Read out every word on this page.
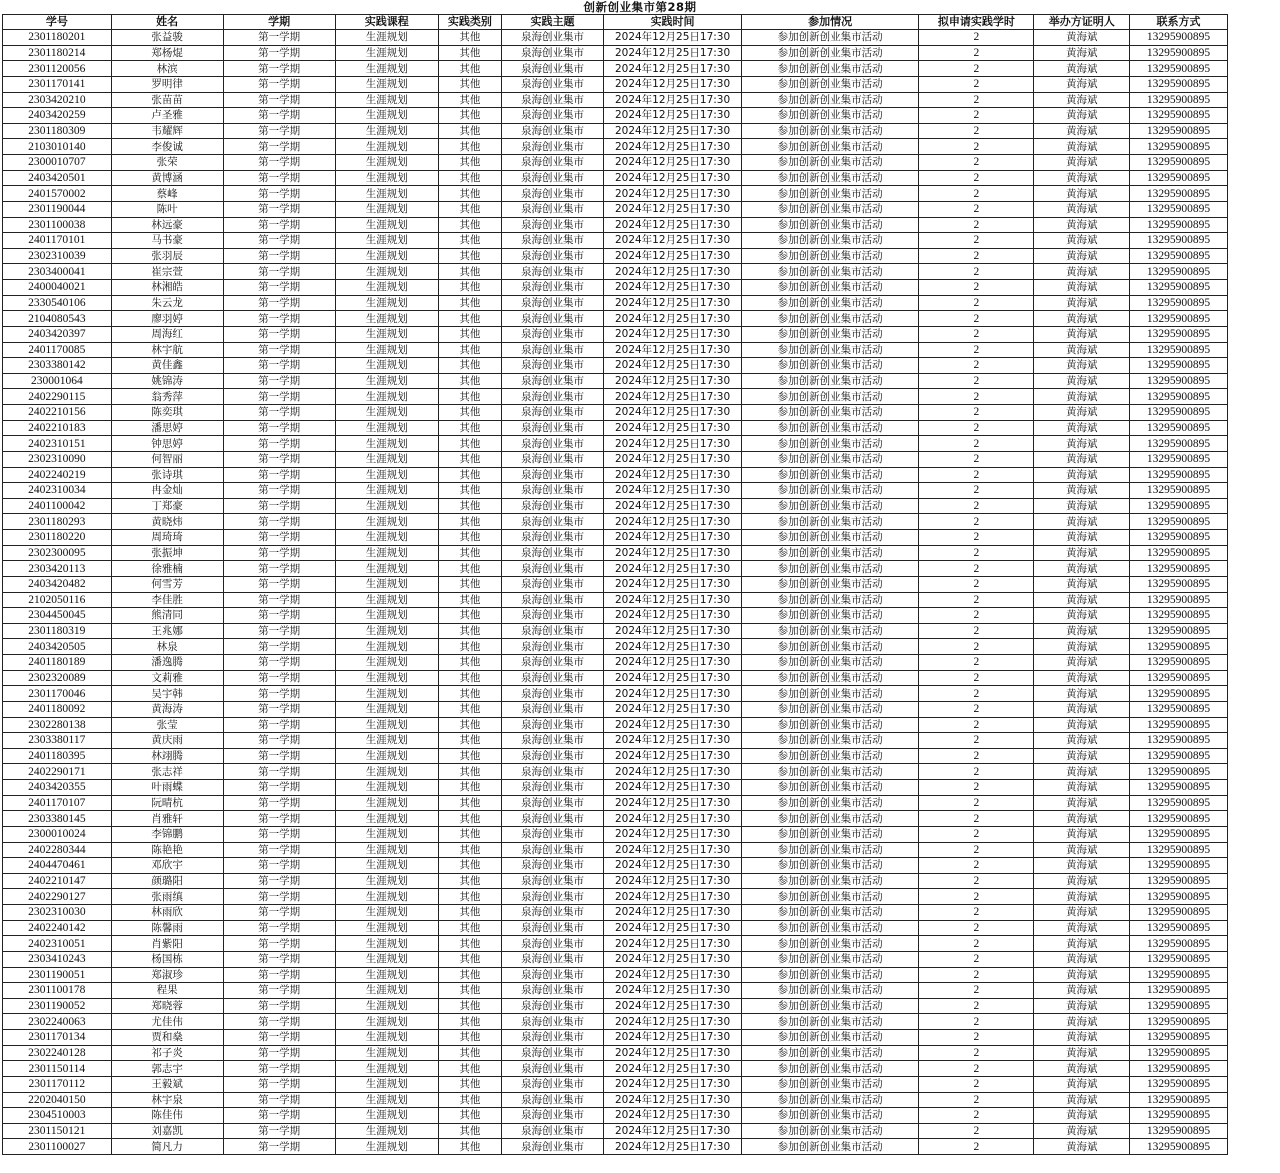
创新创业集市第28期
学号	姓名	学期	实践课程	实践类别	实践主题	实践时间	参加情况	拟申请实践学时	举办方证明人	联系方式
2301180201	张益骏	第一学期	生涯规划	其他	泉海创业集市	2024年12月25日17:30	参加创新创业集市活动	2	黄海斌	13295900895
2301180214	郑杨焜	第一学期	生涯规划	其他	泉海创业集市	2024年12月25日17:30	参加创新创业集市活动	2	黄海斌	13295900895
2301120056	林滨	第一学期	生涯规划	其他	泉海创业集市	2024年12月25日17:30	参加创新创业集市活动	2	黄海斌	13295900895
2301170141	罗明律	第一学期	生涯规划	其他	泉海创业集市	2024年12月25日17:30	参加创新创业集市活动	2	黄海斌	13295900895
2303420210	张苗苗	第一学期	生涯规划	其他	泉海创业集市	2024年12月25日17:30	参加创新创业集市活动	2	黄海斌	13295900895
2403420259	卢圣雅	第一学期	生涯规划	其他	泉海创业集市	2024年12月25日17:30	参加创新创业集市活动	2	黄海斌	13295900895
2301180309	韦耀辉	第一学期	生涯规划	其他	泉海创业集市	2024年12月25日17:30	参加创新创业集市活动	2	黄海斌	13295900895
2103010140	李俊诚	第一学期	生涯规划	其他	泉海创业集市	2024年12月25日17:30	参加创新创业集市活动	2	黄海斌	13295900895
2300010707	张荣	第一学期	生涯规划	其他	泉海创业集市	2024年12月25日17:30	参加创新创业集市活动	2	黄海斌	13295900895
2403420501	黄博涵	第一学期	生涯规划	其他	泉海创业集市	2024年12月25日17:30	参加创新创业集市活动	2	黄海斌	13295900895
2401570002	蔡峰	第一学期	生涯规划	其他	泉海创业集市	2024年12月25日17:30	参加创新创业集市活动	2	黄海斌	13295900895
2301190044	陈叶	第一学期	生涯规划	其他	泉海创业集市	2024年12月25日17:30	参加创新创业集市活动	2	黄海斌	13295900895
2301100038	林远豪	第一学期	生涯规划	其他	泉海创业集市	2024年12月25日17:30	参加创新创业集市活动	2	黄海斌	13295900895
2401170101	马书豪	第一学期	生涯规划	其他	泉海创业集市	2024年12月25日17:30	参加创新创业集市活动	2	黄海斌	13295900895
2302310039	张羽辰	第一学期	生涯规划	其他	泉海创业集市	2024年12月25日17:30	参加创新创业集市活动	2	黄海斌	13295900895
2303400041	崔宗萱	第一学期	生涯规划	其他	泉海创业集市	2024年12月25日17:30	参加创新创业集市活动	2	黄海斌	13295900895
2400040021	林湘皓	第一学期	生涯规划	其他	泉海创业集市	2024年12月25日17:30	参加创新创业集市活动	2	黄海斌	13295900895
2330540106	朱云龙	第一学期	生涯规划	其他	泉海创业集市	2024年12月25日17:30	参加创新创业集市活动	2	黄海斌	13295900895
2104080543	廖羽婷	第一学期	生涯规划	其他	泉海创业集市	2024年12月25日17:30	参加创新创业集市活动	2	黄海斌	13295900895
2403420397	周海红	第一学期	生涯规划	其他	泉海创业集市	2024年12月25日17:30	参加创新创业集市活动	2	黄海斌	13295900895
2401170085	林宇航	第一学期	生涯规划	其他	泉海创业集市	2024年12月25日17:30	参加创新创业集市活动	2	黄海斌	13295900895
2303380142	黄佳鑫	第一学期	生涯规划	其他	泉海创业集市	2024年12月25日17:30	参加创新创业集市活动	2	黄海斌	13295900895
230001064	姚锦涛	第一学期	生涯规划	其他	泉海创业集市	2024年12月25日17:30	参加创新创业集市活动	2	黄海斌	13295900895
2402290115	翁秀萍	第一学期	生涯规划	其他	泉海创业集市	2024年12月25日17:30	参加创新创业集市活动	2	黄海斌	13295900895
2402210156	陈奕琪	第一学期	生涯规划	其他	泉海创业集市	2024年12月25日17:30	参加创新创业集市活动	2	黄海斌	13295900895
2402210183	潘思婷	第一学期	生涯规划	其他	泉海创业集市	2024年12月25日17:30	参加创新创业集市活动	2	黄海斌	13295900895
2402310151	钟思婷	第一学期	生涯规划	其他	泉海创业集市	2024年12月25日17:30	参加创新创业集市活动	2	黄海斌	13295900895
2302310090	何智丽	第一学期	生涯规划	其他	泉海创业集市	2024年12月25日17:30	参加创新创业集市活动	2	黄海斌	13295900895
2402240219	张诗琪	第一学期	生涯规划	其他	泉海创业集市	2024年12月25日17:30	参加创新创业集市活动	2	黄海斌	13295900895
2402310034	冉金灿	第一学期	生涯规划	其他	泉海创业集市	2024年12月25日17:30	参加创新创业集市活动	2	黄海斌	13295900895
2401100042	丁郑豪	第一学期	生涯规划	其他	泉海创业集市	2024年12月25日17:30	参加创新创业集市活动	2	黄海斌	13295900895
2301180293	黄晓炜	第一学期	生涯规划	其他	泉海创业集市	2024年12月25日17:30	参加创新创业集市活动	2	黄海斌	13295900895
2301180220	周琦琦	第一学期	生涯规划	其他	泉海创业集市	2024年12月25日17:30	参加创新创业集市活动	2	黄海斌	13295900895
2302300095	张振坤	第一学期	生涯规划	其他	泉海创业集市	2024年12月25日17:30	参加创新创业集市活动	2	黄海斌	13295900895
2303420113	徐雅楠	第一学期	生涯规划	其他	泉海创业集市	2024年12月25日17:30	参加创新创业集市活动	2	黄海斌	13295900895
2403420482	何雪芳	第一学期	生涯规划	其他	泉海创业集市	2024年12月25日17:30	参加创新创业集市活动	2	黄海斌	13295900895
2102050116	李佳胜	第一学期	生涯规划	其他	泉海创业集市	2024年12月25日17:30	参加创新创业集市活动	2	黄海斌	13295900895
2304450045	熊清同	第一学期	生涯规划	其他	泉海创业集市	2024年12月25日17:30	参加创新创业集市活动	2	黄海斌	13295900895
2301180319	王兆娜	第一学期	生涯规划	其他	泉海创业集市	2024年12月25日17:30	参加创新创业集市活动	2	黄海斌	13295900895
2403420505	林泉	第一学期	生涯规划	其他	泉海创业集市	2024年12月25日17:30	参加创新创业集市活动	2	黄海斌	13295900895
2401180189	潘逸腾	第一学期	生涯规划	其他	泉海创业集市	2024年12月25日17:30	参加创新创业集市活动	2	黄海斌	13295900895
2302320089	文莉雅	第一学期	生涯规划	其他	泉海创业集市	2024年12月25日17:30	参加创新创业集市活动	2	黄海斌	13295900895
2301170046	吴宇韩	第一学期	生涯规划	其他	泉海创业集市	2024年12月25日17:30	参加创新创业集市活动	2	黄海斌	13295900895
2401180092	黄海涛	第一学期	生涯规划	其他	泉海创业集市	2024年12月25日17:30	参加创新创业集市活动	2	黄海斌	13295900895
2302280138	张莹	第一学期	生涯规划	其他	泉海创业集市	2024年12月25日17:30	参加创新创业集市活动	2	黄海斌	13295900895
2303380117	黄庆雨	第一学期	生涯规划	其他	泉海创业集市	2024年12月25日17:30	参加创新创业集市活动	2	黄海斌	13295900895
2401180395	林翊腾	第一学期	生涯规划	其他	泉海创业集市	2024年12月25日17:30	参加创新创业集市活动	2	黄海斌	13295900895
2402290171	张志祥	第一学期	生涯规划	其他	泉海创业集市	2024年12月25日17:30	参加创新创业集市活动	2	黄海斌	13295900895
2403420355	叶雨蝶	第一学期	生涯规划	其他	泉海创业集市	2024年12月25日17:30	参加创新创业集市活动	2	黄海斌	13295900895
2401170107	阮晴杭	第一学期	生涯规划	其他	泉海创业集市	2024年12月25日17:30	参加创新创业集市活动	2	黄海斌	13295900895
2303380145	肖雅轩	第一学期	生涯规划	其他	泉海创业集市	2024年12月25日17:30	参加创新创业集市活动	2	黄海斌	13295900895
2300010024	李锦鹏	第一学期	生涯规划	其他	泉海创业集市	2024年12月25日17:30	参加创新创业集市活动	2	黄海斌	13295900895
2402280344	陈艳艳	第一学期	生涯规划	其他	泉海创业集市	2024年12月25日17:30	参加创新创业集市活动	2	黄海斌	13295900895
2404470461	邓欣宇	第一学期	生涯规划	其他	泉海创业集市	2024年12月25日17:30	参加创新创业集市活动	2	黄海斌	13295900895
2402210147	颜璐阳	第一学期	生涯规划	其他	泉海创业集市	2024年12月25日17:30	参加创新创业集市活动	2	黄海斌	13295900895
2402290127	张雨缜	第一学期	生涯规划	其他	泉海创业集市	2024年12月25日17:30	参加创新创业集市活动	2	黄海斌	13295900895
2302310030	林雨欣	第一学期	生涯规划	其他	泉海创业集市	2024年12月25日17:30	参加创新创业集市活动	2	黄海斌	13295900895
2402240142	陈馨雨	第一学期	生涯规划	其他	泉海创业集市	2024年12月25日17:30	参加创新创业集市活动	2	黄海斌	13295900895
2402310051	肖紫阳	第一学期	生涯规划	其他	泉海创业集市	2024年12月25日17:30	参加创新创业集市活动	2	黄海斌	13295900895
2303410243	杨国栋	第一学期	生涯规划	其他	泉海创业集市	2024年12月25日17:30	参加创新创业集市活动	2	黄海斌	13295900895
2301190051	郑淑珍	第一学期	生涯规划	其他	泉海创业集市	2024年12月25日17:30	参加创新创业集市活动	2	黄海斌	13295900895
2301100178	程果	第一学期	生涯规划	其他	泉海创业集市	2024年12月25日17:30	参加创新创业集市活动	2	黄海斌	13295900895
2301190052	郑晓蓉	第一学期	生涯规划	其他	泉海创业集市	2024年12月25日17:30	参加创新创业集市活动	2	黄海斌	13295900895
2302240063	尤佳伟	第一学期	生涯规划	其他	泉海创业集市	2024年12月25日17:30	参加创新创业集市活动	2	黄海斌	13295900895
2301170134	贾和燊	第一学期	生涯规划	其他	泉海创业集市	2024年12月25日17:30	参加创新创业集市活动	2	黄海斌	13295900895
2302240128	祁子炎	第一学期	生涯规划	其他	泉海创业集市	2024年12月25日17:30	参加创新创业集市活动	2	黄海斌	13295900895
2301150114	郭志宇	第一学期	生涯规划	其他	泉海创业集市	2024年12月25日17:30	参加创新创业集市活动	2	黄海斌	13295900895
2301170112	王毅斌	第一学期	生涯规划	其他	泉海创业集市	2024年12月25日17:30	参加创新创业集市活动	2	黄海斌	13295900895
2202040150	林宇泉	第一学期	生涯规划	其他	泉海创业集市	2024年12月25日17:30	参加创新创业集市活动	2	黄海斌	13295900895
2304510003	陈佳伟	第一学期	生涯规划	其他	泉海创业集市	2024年12月25日17:30	参加创新创业集市活动	2	黄海斌	13295900895
2301150121	刘嘉凯	第一学期	生涯规划	其他	泉海创业集市	2024年12月25日17:30	参加创新创业集市活动	2	黄海斌	13295900895
2301100027	简凡力	第一学期	生涯规划	其他	泉海创业集市	2024年12月25日17:30	参加创新创业集市活动	2	黄海斌	13295900895
